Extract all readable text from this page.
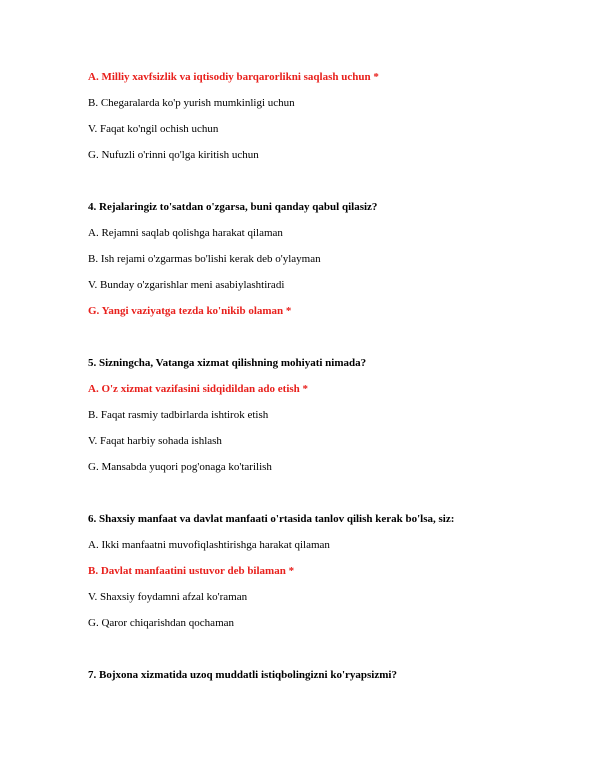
A. Milliy xavfsizlik va iqtisodiy barqarorlikni saqlash uchun *
B. Chegaralarda ko'p yurish mumkinligi uchun
V. Faqat ko'ngil ochish uchun
G. Nufuzli o'rinni qo'lga kiritish uchun
4. Rejalaringiz to'satdan o'zgarsa, buni qanday qabul qilasiz?
A. Rejamni saqlab qolishga harakat qilaman
B. Ish rejami o'zgarmas bo'lishi kerak deb o'ylayman
V. Bunday o'zgarishlar meni asabiylashtiradi
G. Yangi vaziyatga tezda ko'nikib olaman *
5. Sizningcha, Vatanga xizmat qilishning mohiyati nimada?
A. O'z xizmat vazifasini sidqidildan ado etish *
B. Faqat rasmiy tadbirlarda ishtirok etish
V. Faqat harbiy sohada ishlash
G. Mansabda yuqori pog'onaga ko'tarilish
6. Shaxsiy manfaat va davlat manfaati o'rtasida tanlov qilish kerak bo'lsa, siz:
A. Ikki manfaatni muvofiqlashtirishga harakat qilaman
B. Davlat manfaatini ustuvor deb bilaman *
V. Shaxsiy foydamni afzal ko'raman
G. Qaror chiqarishdan qochaman
7. Bojxona xizmatida uzoq muddatli istiqbolingizni ko'ryapsizmi?
